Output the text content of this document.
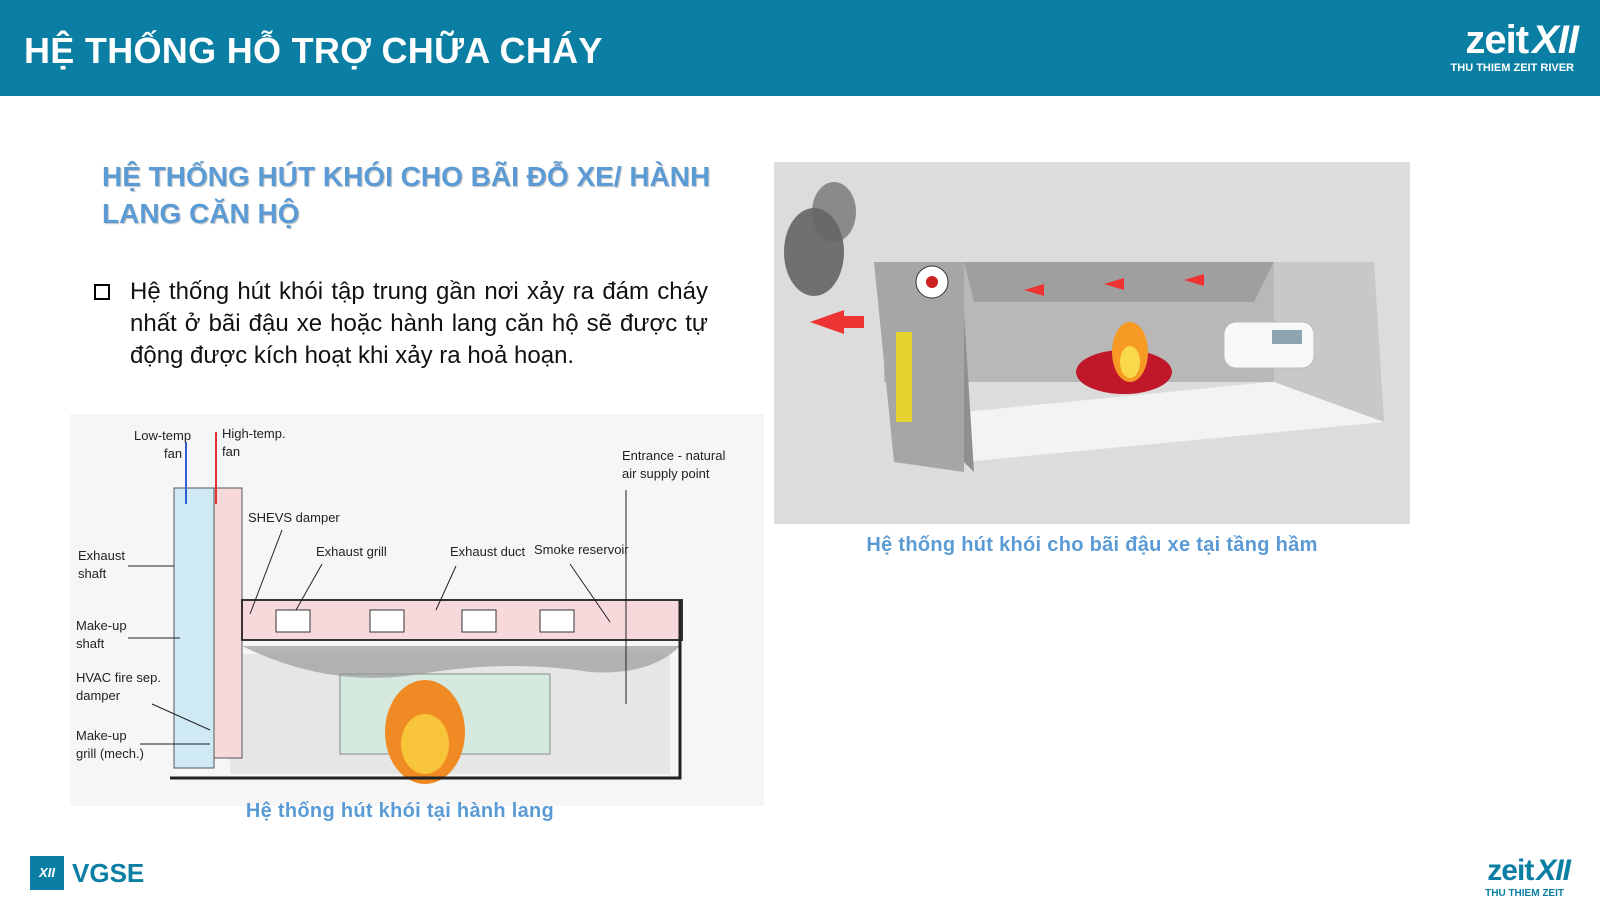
HỆ THỐNG HỖ TRỢ CHỮA CHÁY	zeit XII
THU THIEM ZEIT RIVER
HỆ THỐNG HÚT KHÓI CHO BÃI ĐỖ XE/ HÀNH LANG CĂN HỘ
Hệ thống hút khói tập trung gần nơi xảy ra đám cháy nhất ở bãi đậu xe hoặc hành lang căn hộ sẽ được tự động được kích hoạt khi xảy ra hoả hoạn.
Low-temp
fan
High-temp.
fan
SHEVS damper
Exhaust grill	Exhaust duct Smoke reservoir
Entrance - natural
air supply point
Exhaust
shaft
Make-up
shaft
HVAC fire sep.
damper
Make-up
grill (mech.)
Hệ thống hút khói tại hành lang
Hệ thống hút khói cho bãi đậu xe tại tầng hầm
XII VGSE	zeit XII
THU THIEM ZEIT
